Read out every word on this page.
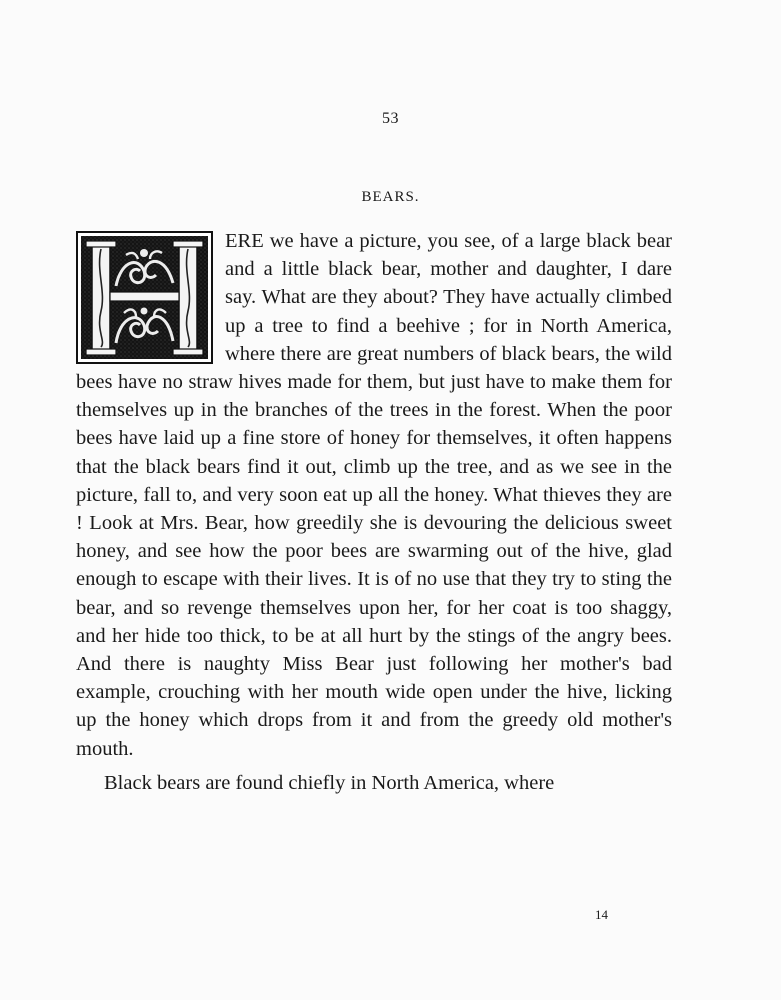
53
BEARS.

ERE we have a picture, you see, of a large black bear and a little black bear, mother and daughter, I dare say. What are they about? They have actually climbed up a tree to find a beehive ; for in North America, where there are great numbers of black bears, the wild bees have no straw hives made for them, but just have to make them for themselves up in the branches of the trees in the forest. When the poor bees have laid up a fine store of honey for themselves, it often happens that the black bears find it out, climb up the tree, and as we see in the picture, fall to, and very soon eat up all the honey. What thieves they are ! Look at Mrs. Bear, how greedily she is devouring the delicious sweet honey, and see how the poor bees are swarming out of the hive, glad enough to escape with their lives. It is of no use that they try to sting the bear, and so revenge themselves upon her, for her coat is too shaggy, and her hide too thick, to be at all hurt by the stings of the angry bees. And there is naughty Miss Bear just following her mother's bad example, crouching with her mouth wide open under the hive, licking up the honey which drops from it and from the greedy old mother's mouth.

Black bears are found chiefly in North America, where

14
